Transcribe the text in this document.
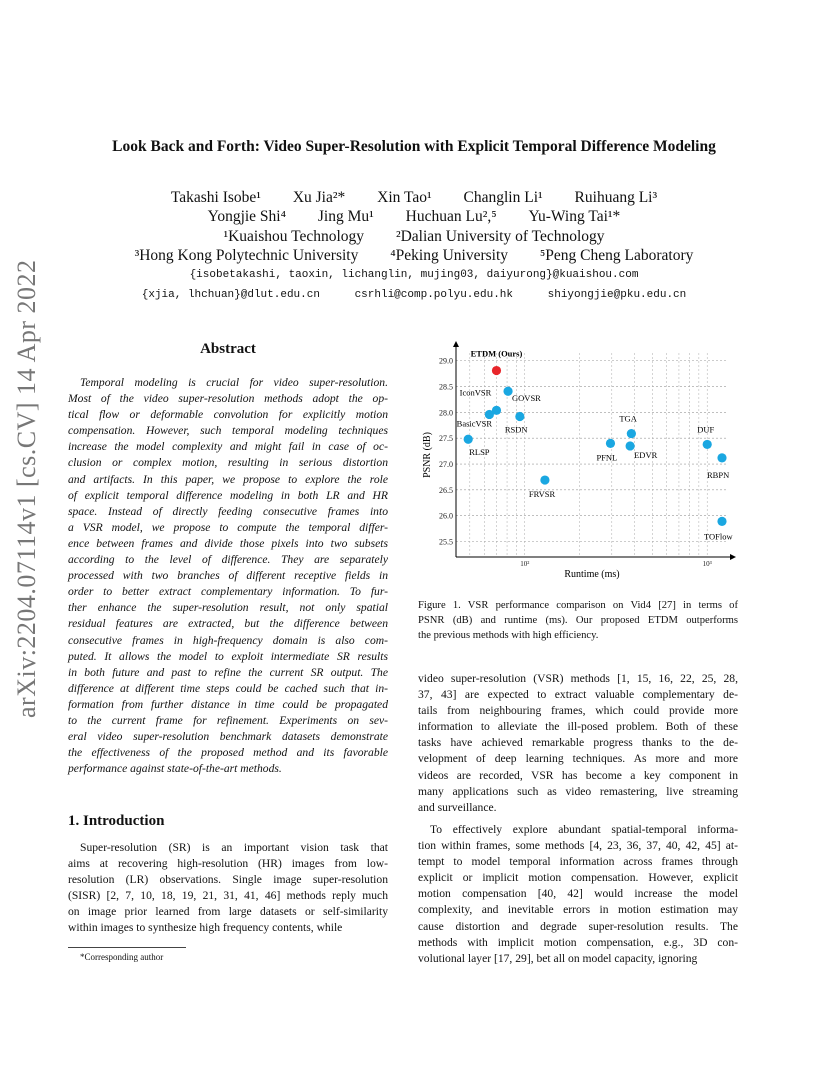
arXiv:2204.07114v1 [cs.CV] 14 Apr 2022
Look Back and Forth: Video Super-Resolution with Explicit Temporal Difference Modeling
Takashi Isobe¹ Xu Jia²* Xin Tao¹ Changlin Li¹ Ruihuang Li³
Yongjie Shi⁴ Jing Mu¹ Huchuan Lu²,⁵ Yu-Wing Tai¹*
¹Kuaishou Technology ²Dalian University of Technology
³Hong Kong Polytechnic University ⁴Peking University ⁵Peng Cheng Laboratory
{isobetakashi, taoxin, lichanglin, mujing03, daiyurong}@kuaishou.com
{xjia, lhchuan}@dlut.edu.cn	csrhli@comp.polyu.edu.hk	shiyongjie@pku.edu.cn
Abstract
Temporal modeling is crucial for video super-resolution.
Most of the video super-resolution methods adopt the op-
tical flow or deformable convolution for explicitly motion
compensation. However, such temporal modeling techniques
increase the model complexity and might fail in case of oc-
clusion or complex motion, resulting in serious distortion
and artifacts. In this paper, we propose to explore the role
of explicit temporal difference modeling in both LR and HR
space. Instead of directly feeding consecutive frames into
a VSR model, we propose to compute the temporal differ-
ence between frames and divide those pixels into two subsets
according to the level of difference. They are separately
processed with two branches of different receptive fields in
order to better extract complementary information. To fur-
ther enhance the super-resolution result, not only spatial
residual features are extracted, but the difference between
consecutive frames in high-frequency domain is also com-
puted. It allows the model to exploit intermediate SR results
in both future and past to refine the current SR output. The
difference at different time steps could be cached such that in-
formation from further distance in time could be propagated
to the current frame for refinement. Experiments on sev-
eral video super-resolution benchmark datasets demonstrate
the effectiveness of the proposed method and its favorable
performance against state-of-the-art methods.
1. Introduction
Super-resolution (SR) is an important vision task that
aims at recovering high-resolution (HR) images from low-
resolution (LR) observations. Single image super-resolution
(SISR) [2, 7, 10, 18, 19, 21, 31, 41, 46] methods reply much
on image prior learned from large datasets or self-similarity
within images to synthesize high frequency contents, while
*Corresponding author
25.5
26.0
26.5
27.0
27.5
28.0
28.5
29.0
10²	10³
Runtime (ms)
PSNR (dB)
ETDM (Ours)
IconVSR
GOVSR
BasicVSR
RSDN
RLSP
TGA
EDVR
PFNL
DUF
RBPN
FRVSR
TOFlow
Figure 1. VSR performance comparison on Vid4 [27] in terms of
PSNR (dB) and runtime (ms). Our proposed ETDM outperforms
the previous methods with high efficiency.
video super-resolution (VSR) methods [1, 15, 16, 22, 25, 28,
37, 43] are expected to extract valuable complementary de-
tails from neighbouring frames, which could provide more
information to alleviate the ill-posed problem. Both of these
tasks have achieved remarkable progress thanks to the de-
velopment of deep learning techniques. As more and more
videos are recorded, VSR has become a key component in
many applications such as video remastering, live streaming
and surveillance.
To effectively explore abundant spatial-temporal informa-
tion within frames, some methods [4, 23, 36, 37, 40, 42, 45] at-
tempt to model temporal information across frames through
explicit or implicit motion compensation. However, explicit
motion compensation [40, 42] would increase the model
complexity, and inevitable errors in motion estimation may
cause distortion and degrade super-resolution results. The
methods with implicit motion compensation, e.g., 3D con-
volutional layer [17, 29], bet all on model capacity, ignoring
